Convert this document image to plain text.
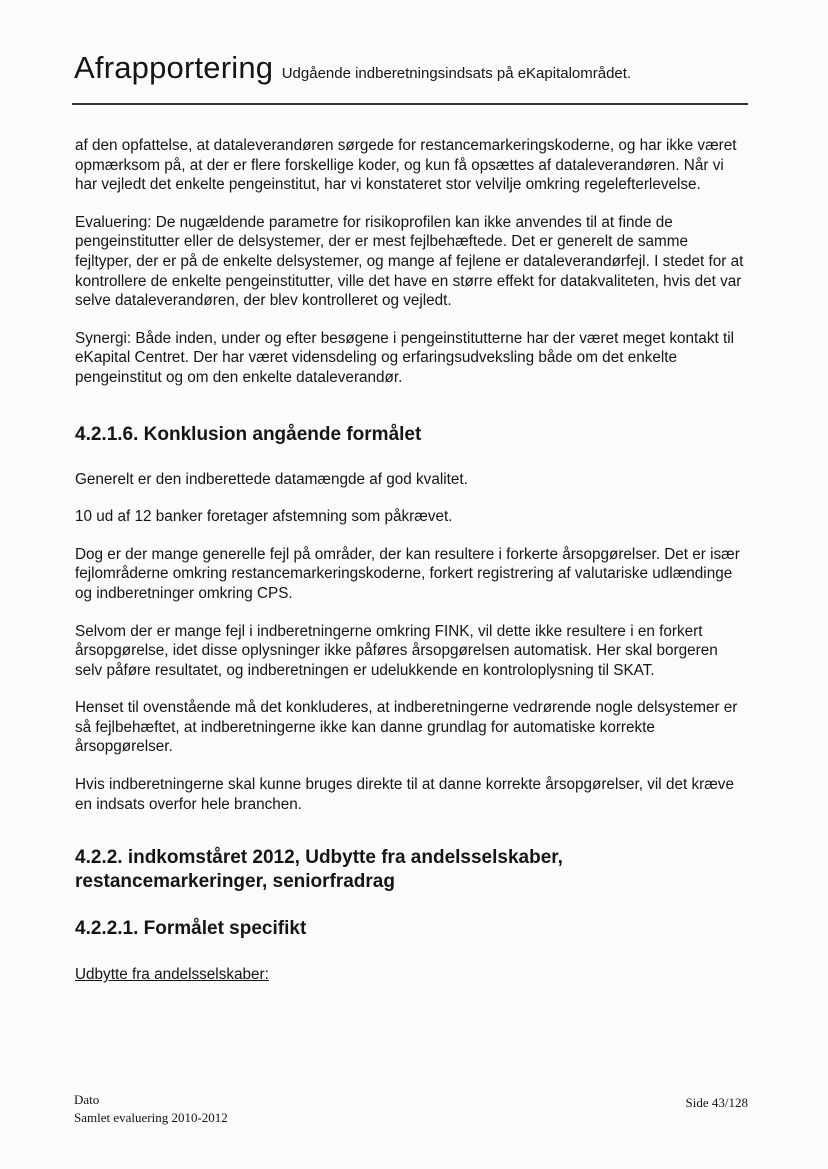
Afrapportering Udgående indberetningsindsats på eKapitalområdet.

af den opfattelse, at dataleverandøren sørgede for restancemarkeringskoderne, og har ikke været opmærksom på, at der er flere forskellige koder, og kun få opsættes af dataleverandøren. Når vi har vejledt det enkelte pengeinstitut, har vi konstateret stor velvilje omkring regelefterlevelse.

Evaluering: De nugældende parametre for risikoprofilen kan ikke anvendes til at finde de pengeinstitutter eller de delsystemer, der er mest fejlbehæftede. Det er generelt de samme fejltyper, der er på de enkelte delsystemer, og mange af fejlene er dataleverandørfejl. I stedet for at kontrollere de enkelte pengeinstitutter, ville det have en større effekt for datakvaliteten, hvis det var selve dataleverandøren, der blev kontrolleret og vejledt.

Synergi: Både inden, under og efter besøgene i pengeinstitutterne har der været meget kontakt til eKapital Centret. Der har været vidensdeling og erfaringsudveksling både om det enkelte pengeinstitut og om den enkelte dataleverandør.

4.2.1.6. Konklusion angående formålet

Generelt er den indberettede datamængde af god kvalitet.

10 ud af 12 banker foretager afstemning som påkrævet.

Dog er der mange generelle fejl på områder, der kan resultere i forkerte årsopgørelser. Det er især fejlområderne omkring restancemarkeringskoderne, forkert registrering af valutariske udlændinge og indberetninger omkring CPS.

Selvom der er mange fejl i indberetningerne omkring FINK, vil dette ikke resultere i en forkert årsopgørelse, idet disse oplysninger ikke påføres årsopgørelsen automatisk. Her skal borgeren selv påføre resultatet, og indberetningen er udelukkende en kontroloplysning til SKAT.

Henset til ovenstående må det konkluderes, at indberetningerne vedrørende nogle delsystemer er så fejlbehæftet, at indberetningerne ikke kan danne grundlag for automatiske korrekte årsopgørelser.

Hvis indberetningerne skal kunne bruges direkte til at danne korrekte årsopgørelser, vil det kræve en indsats overfor hele branchen.

4.2.2. indkomståret 2012, Udbytte fra andelsselskaber, restancemarkeringer, seniorfradrag
4.2.2.1. Formålet specifikt

Udbytte fra andelsselskaber:

Dato
Samlet evaluering 2010-2012
Side 43/128
